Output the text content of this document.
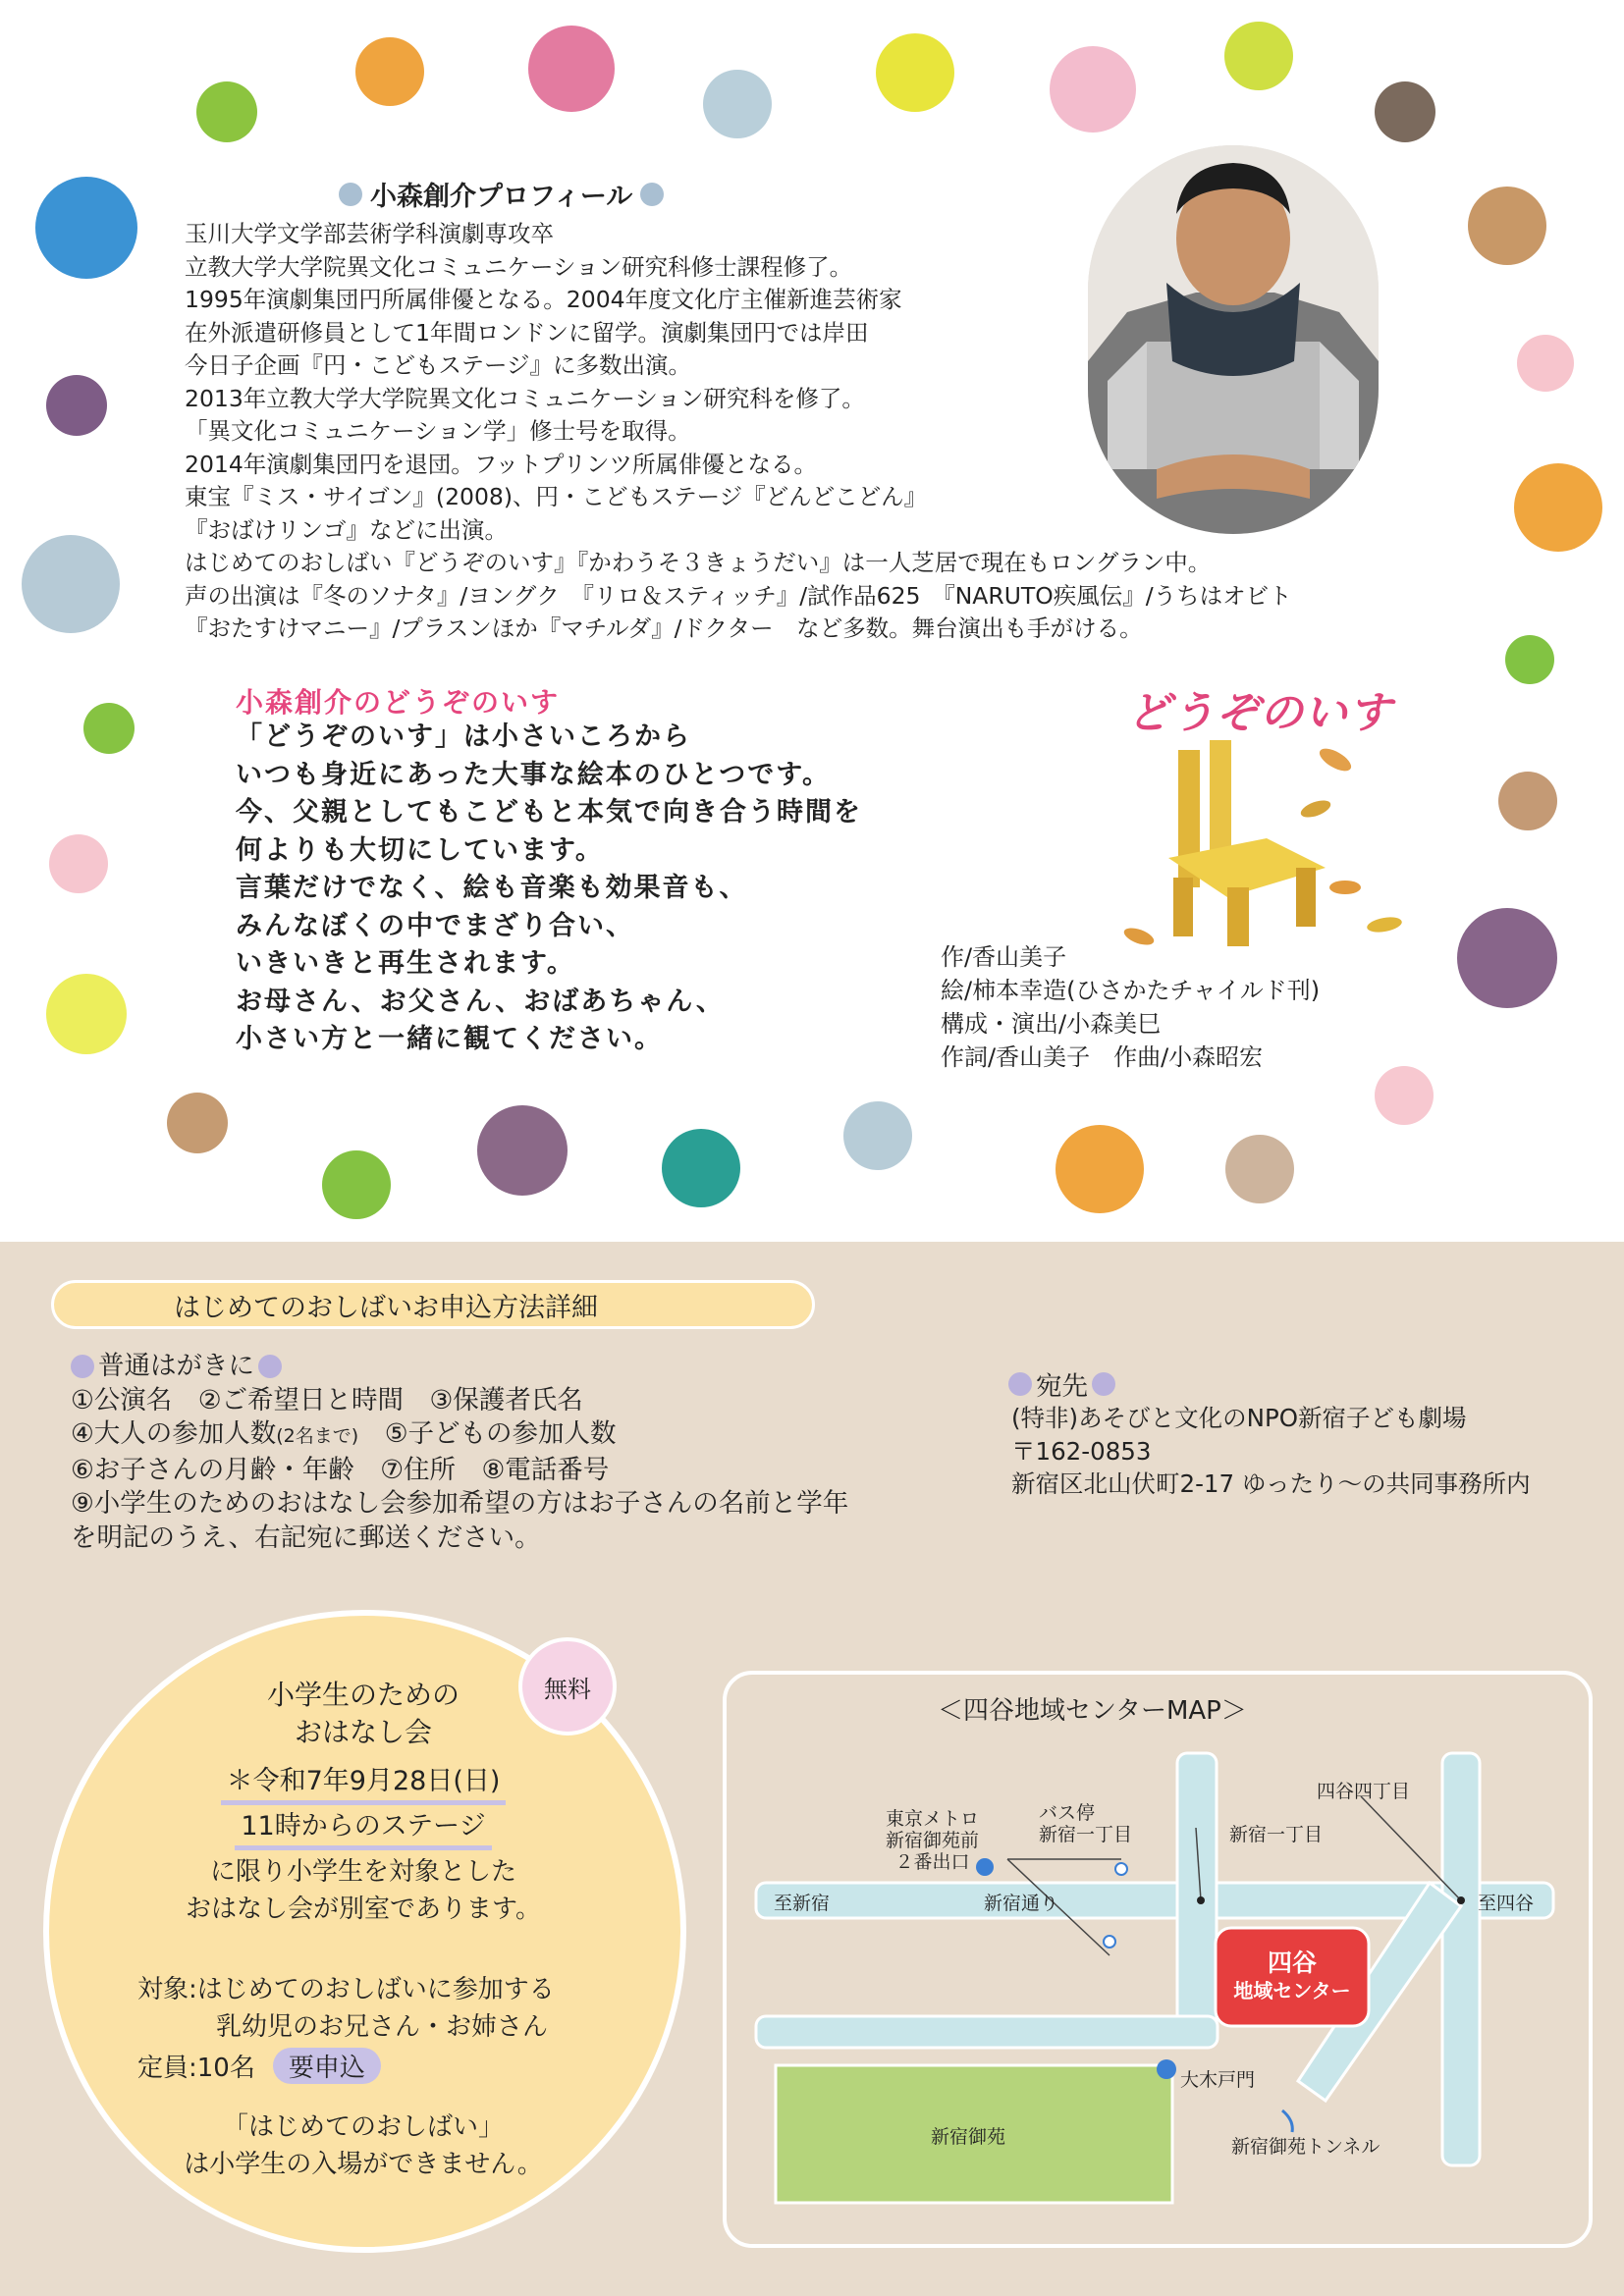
小森創介プロフィール
玉川大学文学部芸術学科演劇専攻卒
立教大学大学院異文化コミュニケーション研究科修士課程修了。
1995年演劇集団円所属俳優となる。2004年度文化庁主催新進芸術家
在外派遣研修員として1年間ロンドンに留学。演劇集団円では岸田
今日子企画『円・こどもステージ』に多数出演。
2013年立教大学大学院異文化コミュニケーション研究科を修了。
「異文化コミュニケーション学」修士号を取得。
2014年演劇集団円を退団。フットプリンツ所属俳優となる。
東宝『ミス・サイゴン』(2008)、円・こどもステージ『どんどこどん』
『おばけリンゴ』などに出演。
はじめてのおしばい『どうぞのいす』『かわうそ３きょうだい』は一人芝居で現在もロングラン中。
声の出演は『冬のソナタ』/ヨングク　『リロ＆スティッチ』/試作品625　『NARUTO疾風伝』/うちはオビト
『おたすけマニー』/プラスンほか『マチルダ』/ドクター　など多数。舞台演出も手がける。
小森創介のどうぞのいす
「どうぞのいす」は小さいころから
いつも身近にあった大事な絵本のひとつです。
今、父親としてもこどもと本気で向き合う時間を
何よりも大切にしています。
言葉だけでなく、絵も音楽も効果音も、
みんなぼくの中でまざり合い、
いきいきと再生されます。
お母さん、お父さん、おばあちゃん、
小さい方と一緒に観てください。
どうぞのいす
作/香山美子
絵/柿本幸造(ひさかたチャイルド刊)
構成・演出/小森美巳
作詞/香山美子　作曲/小森昭宏
はじめてのおしばいお申込方法詳細
普通はがきに
①公演名　②ご希望日と時間　③保護者氏名
④大人の参加人数(2名まで)　 ⑤子どもの参加人数
⑥お子さんの月齢・年齢　⑦住所　⑧電話番号
⑨小学生のためのおはなし会参加希望の方はお子さんの名前と学年
を明記のうえ、右記宛に郵送ください。
宛先
(特非)あそびと文化のNPO新宿子ども劇場
〒162-0853
新宿区北山伏町2-17 ゆったり〜の共同事務所内
無料
小学生のための
おはなし会
＊令和7年9月28日(日)
11時からのステージ
に限り小学生を対象とした
おはなし会が別室であります。
対象:はじめてのおしばいに参加する
乳幼児のお兄さん・お姉さん
定員:10名 要申込
「はじめてのおしばい」
は小学生の入場ができません。
＜四谷地域センターMAP＞
東京メトロ
新宿御苑前
２番出口
バス停
新宿一丁目	新宿一丁目
四谷四丁目
至新宿	新宿通り	至四谷
四谷
地域センター
大木戸門
新宿御苑	新宿御苑トンネル
